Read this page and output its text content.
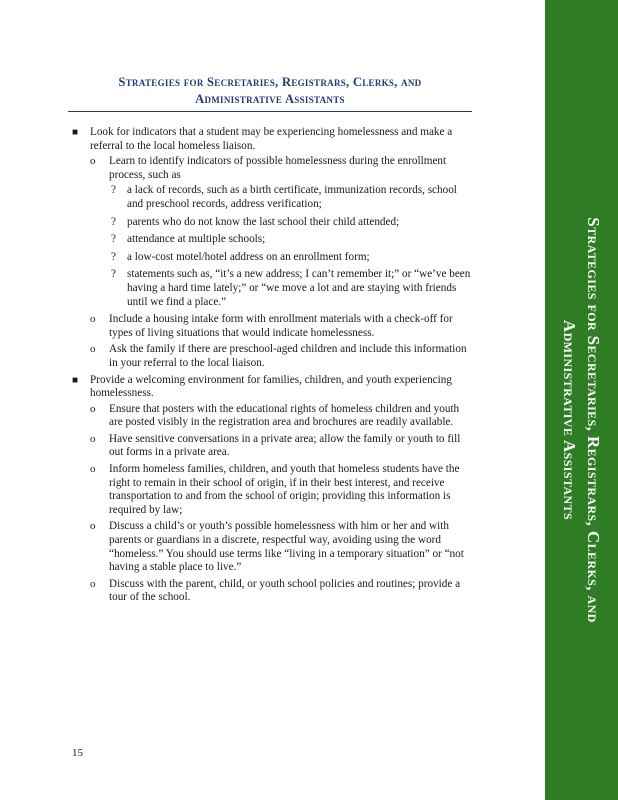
Strategies for Secretaries, Registrars, Clerks, and
Administrative Assistants
■ Look for indicators that a student may be experiencing homelessness and make a referral to the local homeless liaison.
o Learn to identify indicators of possible homelessness during the enrollment process, such as
? a lack of records, such as a birth certificate, immunization records, school and preschool records, address verification;
? parents who do not know the last school their child attended;
? attendance at multiple schools;
? a low-cost motel/hotel address on an enrollment form;
? statements such as, “it’s a new address; I can’t remember it;” or “we’ve been having a hard time lately;” or “we move a lot and are staying with friends until we find a place.”
o Include a housing intake form with enrollment materials with a check-off for types of living situations that would indicate homelessness.
o Ask the family if there are preschool-aged children and include this information in your referral to the local liaison.
■ Provide a welcoming environment for families, children, and youth experiencing homelessness.
o Ensure that posters with the educational rights of homeless children and youth are posted visibly in the registration area and brochures are readily available.
o Have sensitive conversations in a private area; allow the family or youth to fill out forms in a private area.
o Inform homeless families, children, and youth that homeless students have the right to remain in their school of origin, if in their best interest, and receive transportation to and from the school of origin; providing this information is required by law;
o Discuss a child’s or youth’s possible homelessness with him or her and with parents or guardians in a discrete, respectful way, avoiding using the word “homeless.” You should use terms like “living in a temporary situation” or “not having a stable place to live.”
o Discuss with the parent, child, or youth school policies and routines; provide a tour of the school.
15
Strategies for Secretaries, Registrars, Clerks, and
Administrative Assistants
